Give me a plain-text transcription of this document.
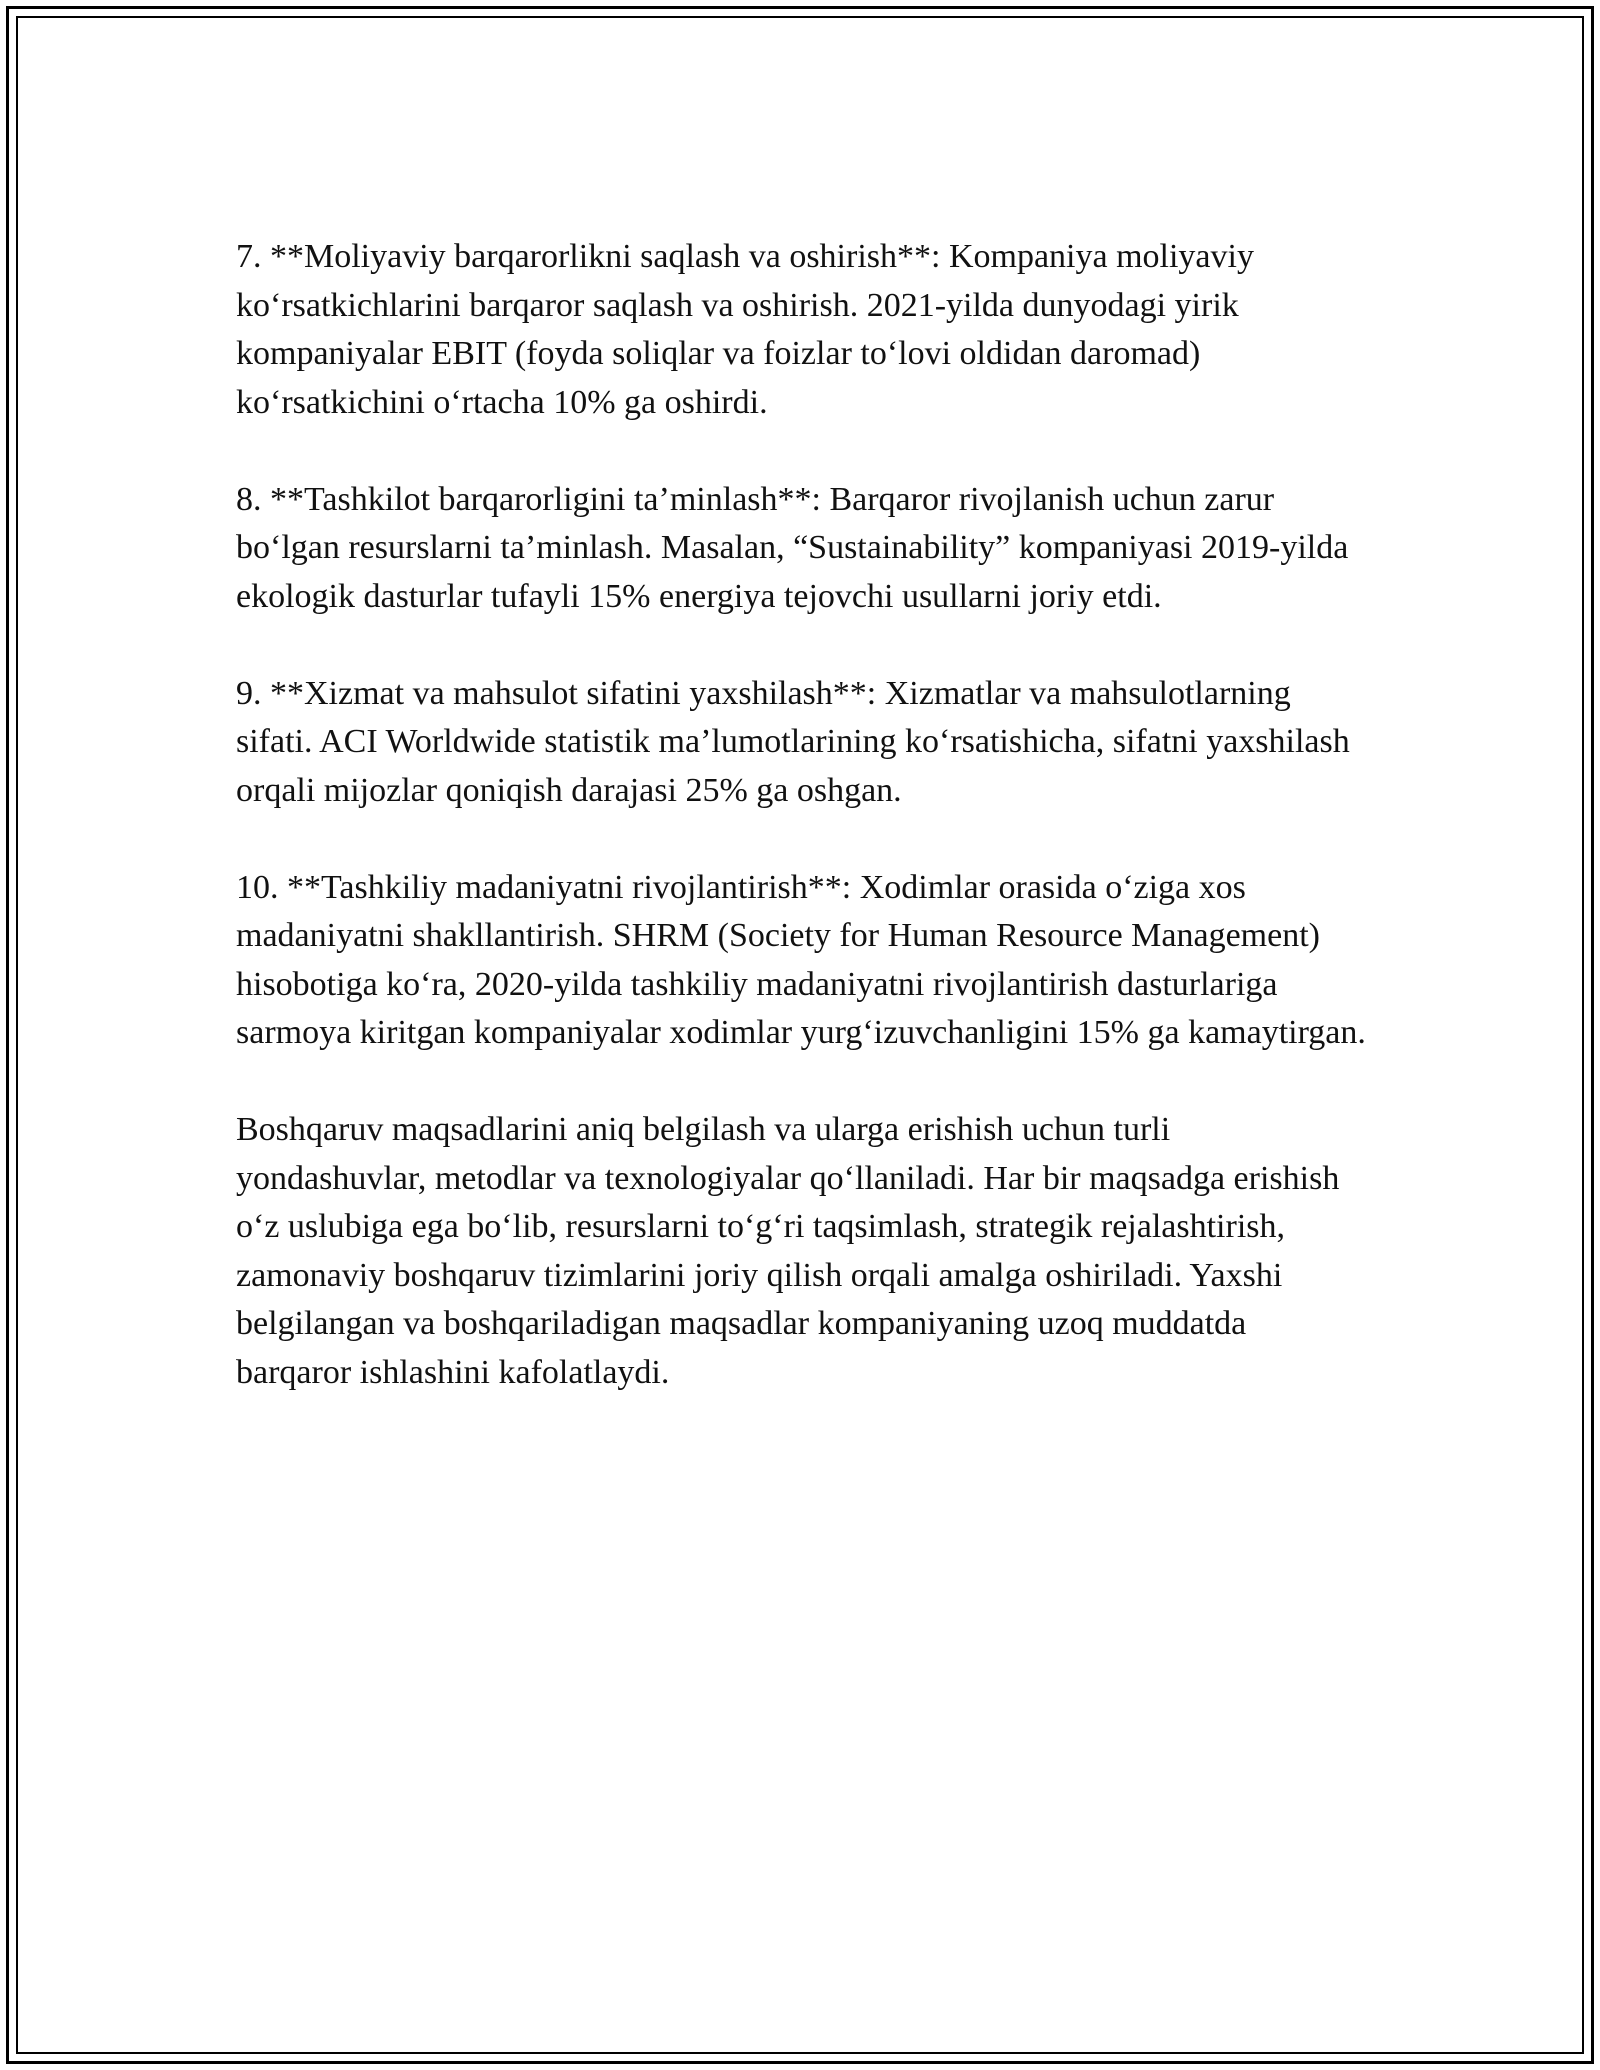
7. **Moliyaviy barqarorlikni saqlash va oshirish**: Kompaniya moliyaviy ko‘rsatkichlarini barqaror saqlash va oshirish. 2021-yilda dunyodagi yirik kompaniyalar EBIT (foyda soliqlar va foizlar to‘lovi oldidan daromad) ko‘rsatkichini o‘rtacha 10% ga oshirdi.

8. **Tashkilot barqarorligini ta’minlash**: Barqaror rivojlanish uchun zarur bo‘lgan resurslarni ta’minlash. Masalan, “Sustainability” kompaniyasi 2019-yilda ekologik dasturlar tufayli 15% energiya tejovchi usullarni joriy etdi.

9. **Xizmat va mahsulot sifatini yaxshilash**: Xizmatlar va mahsulotlarning sifati. ACI Worldwide statistik ma’lumotlarining ko‘rsatishicha, sifatni yaxshilash orqali mijozlar qoniqish darajasi 25% ga oshgan.

10. **Tashkiliy madaniyatni rivojlantirish**: Xodimlar orasida o‘ziga xos madaniyatni shakllantirish. SHRM (Society for Human Resource Management) hisobotiga ko‘ra, 2020-yilda tashkiliy madaniyatni rivojlantirish dasturlariga sarmoya kiritgan kompaniyalar xodimlar yurg‘izuvchanligini 15% ga kamaytirgan.

Boshqaruv maqsadlarini aniq belgilash va ularga erishish uchun turli yondashuvlar, metodlar va texnologiyalar qo‘llaniladi. Har bir maqsadga erishish o‘z uslubiga ega bo‘lib, resurslarni to‘g‘ri taqsimlash, strategik rejalashtirish, zamonaviy boshqaruv tizimlarini joriy qilish orqali amalga oshiriladi. Yaxshi belgilangan va boshqariladigan maqsadlar kompaniyaning uzoq muddatda barqaror ishlashini kafolatlaydi.
